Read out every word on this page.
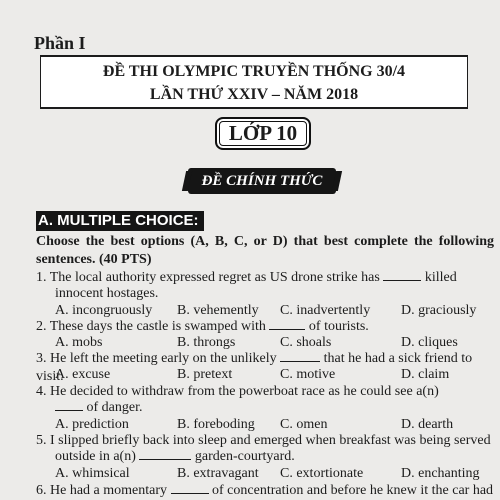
Phần I
ĐỀ THI OLYMPIC TRUYỀN THỐNG 30/4
LẦN THỨ XXIV – NĂM 2018
LỚP 10
ĐỀ CHÍNH THỨC
A. MULTIPLE CHOICE:
Choose the best options (A, B, C, or D) that best complete the following sentences. (40 PTS)
1. The local authority expressed regret as US drone strike has	killed
innocent hostages.
A. incongruously B. vehemently C. inadvertently D. graciously
2. These days the castle is swamped with	of tourists.
A. mobs	B. throngs	C. shoals	D. cliques
3. He left the meeting early on the unlikely	that he had a sick friend to visit.
A. excuse	B. pretext	C. motive	D. claim
4. He decided to withdraw from the powerboat race as he could see a(n)
of danger.
A. prediction	B. foreboding C. omen	D. dearth
5. I slipped briefly back into sleep and emerged when breakfast was being served
outside in a(n)	garden-courtyard.
A. whimsical	B. extravagant C. extortionate	D. enchanting
6. He had a momentary	of concentration and before he knew it the car had
